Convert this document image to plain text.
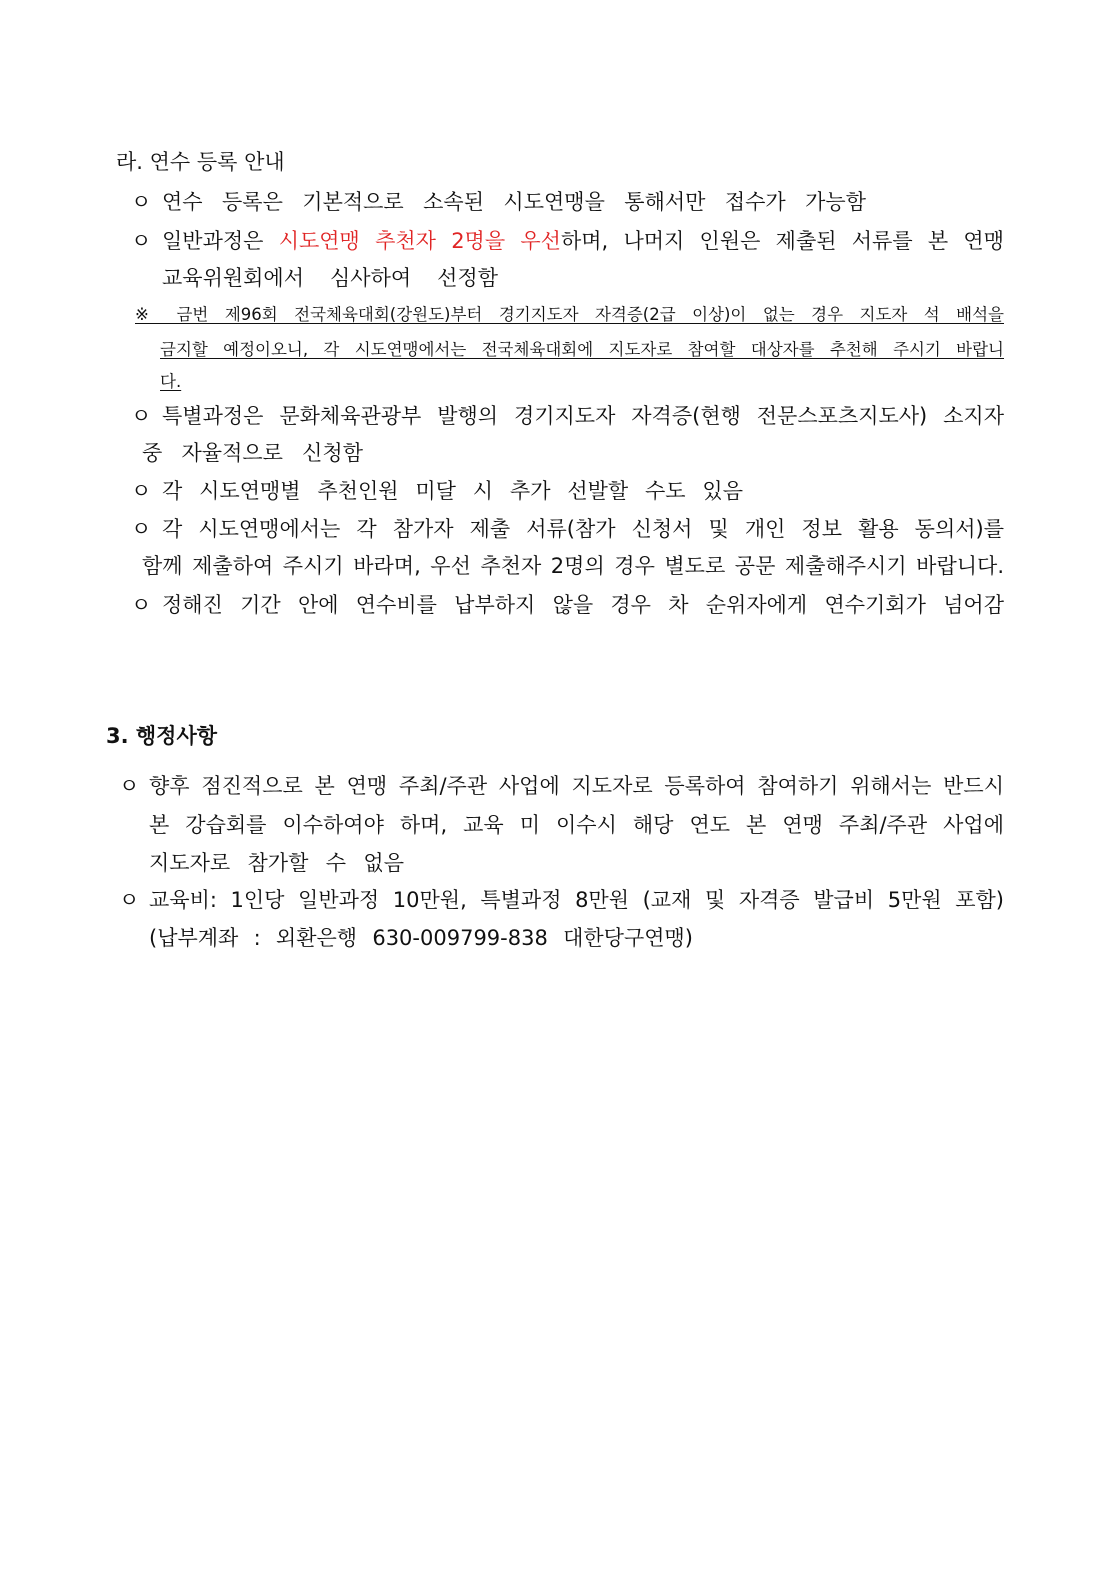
라. 연수 등록 안내
ㅇ 연수 등록은 기본적으로 소속된 시도연맹을 통해서만 접수가 가능함
ㅇ 일반과정은 시도연맹 추천자 2명을 우선하며, 나머지 인원은 제출된 서류를 본 연맹
교육위원회에서 심사하여 선정함
※ 금번 제96회 전국체육대회(강원도)부터 경기지도자 자격증(2급 이상)이 없는 경우 지도자 석 배석을
금지할 예정이오니, 각 시도연맹에서는 전국체육대회에 지도자로 참여할 대상자를 추천해 주시기 바랍니
다.
ㅇ 특별과정은 문화체육관광부 발행의 경기지도자 자격증(현행 전문스포츠지도사) 소지자
중 자율적으로 신청함
ㅇ 각 시도연맹별 추천인원 미달 시 추가 선발할 수도 있음
ㅇ 각 시도연맹에서는 각 참가자 제출 서류(참가 신청서 및 개인 정보 활용 동의서)를
함께 제출하여 주시기 바라며, 우선 추천자 2명의 경우 별도로 공문 제출해주시기 바랍니다.
ㅇ 정해진 기간 안에 연수비를 납부하지 않을 경우 차 순위자에게 연수기회가 넘어감
3. 행정사항
ㅇ 향후 점진적으로 본 연맹 주최/주관 사업에 지도자로 등록하여 참여하기 위해서는 반드시
본 강습회를 이수하여야 하며, 교육 미 이수시 해당 연도 본 연맹 주최/주관 사업에
지도자로 참가할 수 없음
ㅇ 교육비: 1인당 일반과정 10만원, 특별과정 8만원 (교재 및 자격증 발급비 5만원 포함)
(납부계좌 : 외환은행 630-009799-838 대한당구연맹)
